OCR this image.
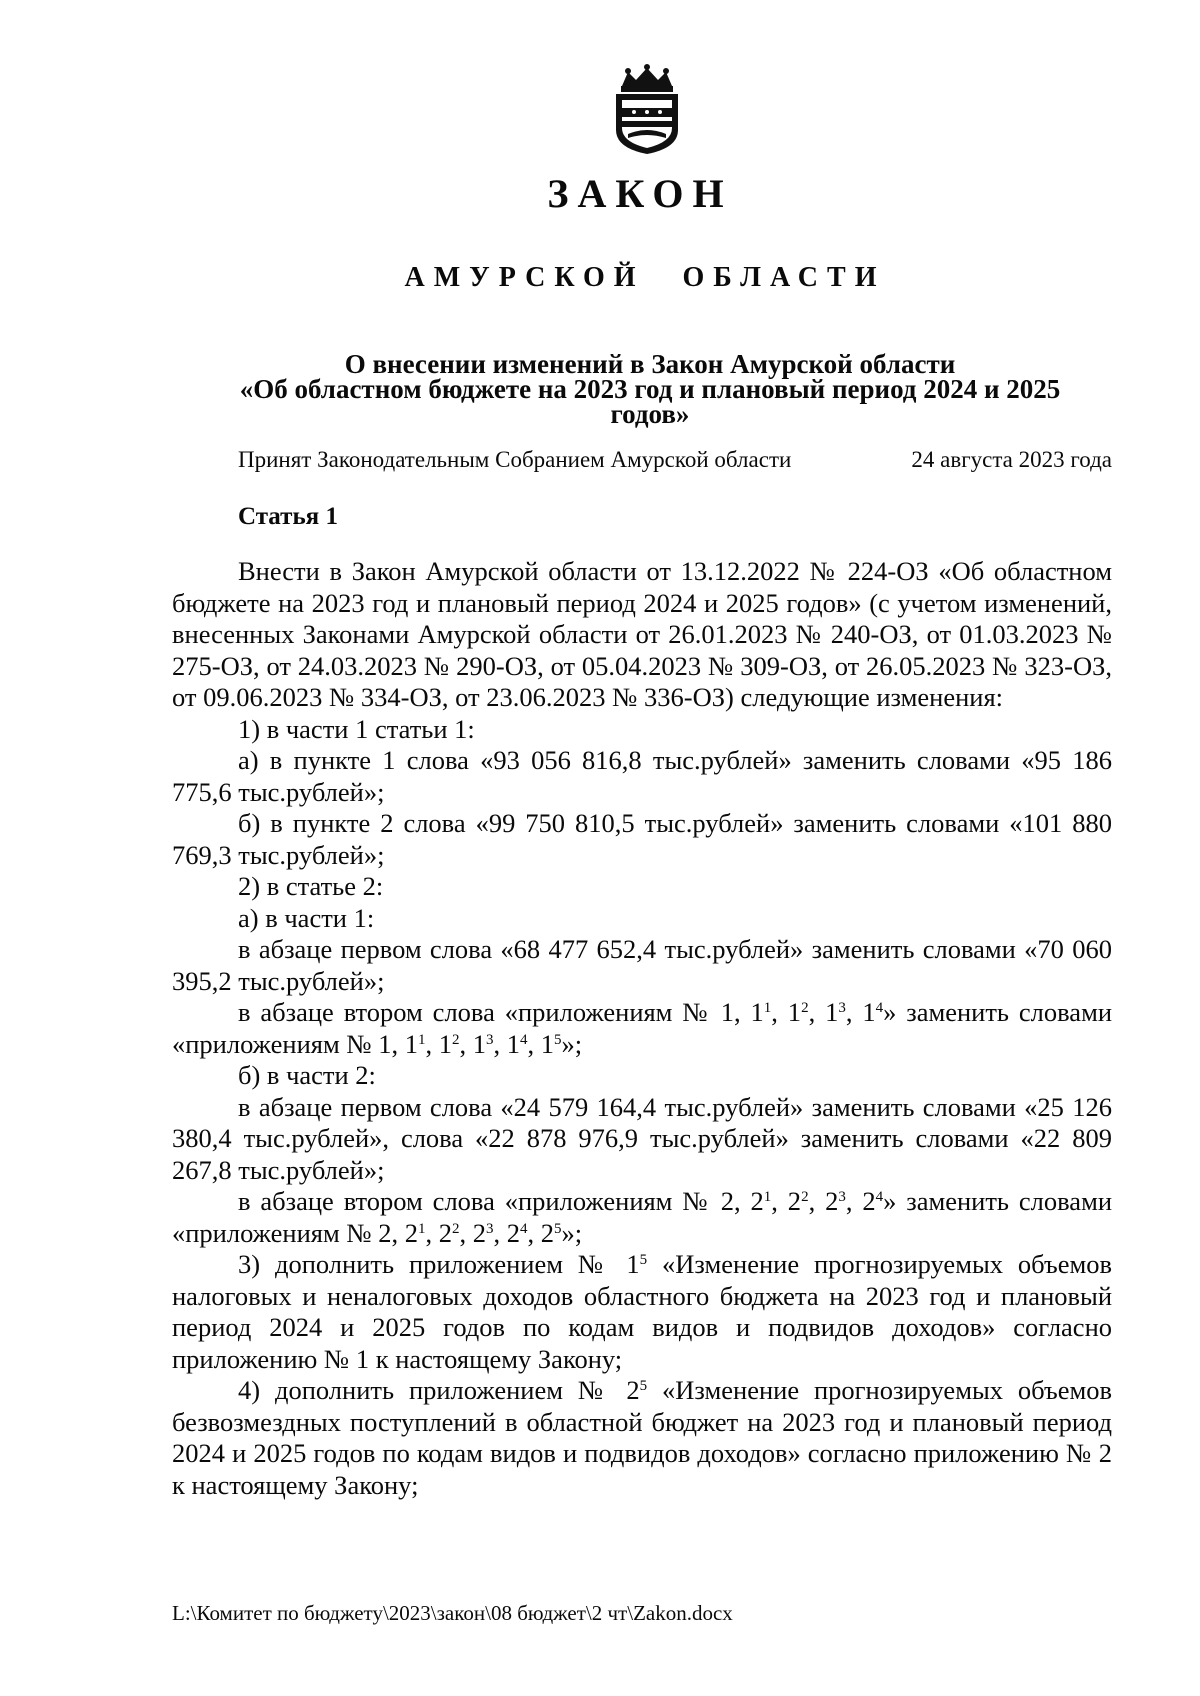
ЗАКОН
АМУРСКОЙ ОБЛАСТИ
О внесении изменений в Закон Амурской области
«Об областном бюджете на 2023 год и плановый период 2024 и 2025
годов»
Принят Законодательным Собранием Амурской области	24 августа 2023 года
Статья 1

Внести в Закон Амурской области от 13.12.2022 № 224-ОЗ «Об областном бюджете на 2023 год и плановый период 2024 и 2025 годов» (с учетом изменений, внесенных Законами Амурской области от 26.01.2023 № 240-ОЗ, от 01.03.2023 № 275-ОЗ, от 24.03.2023 № 290-ОЗ, от 05.04.2023 № 309-ОЗ, от 26.05.2023 № 323-ОЗ, от 09.06.2023 № 334-ОЗ, от 23.06.2023 № 336-ОЗ) следующие изменения:

1) в части 1 статьи 1:

а) в пункте 1 слова «93 056 816,8 тыс.рублей» заменить словами «95 186 775,6 тыс.рублей»;

б) в пункте 2 слова «99 750 810,5 тыс.рублей» заменить словами «101 880 769,3 тыс.рублей»;

2) в статье 2:

а) в части 1:

в абзаце первом слова «68 477 652,4 тыс.рублей» заменить словами «70 060 395,2 тыс.рублей»;

в абзаце втором слова «приложениям № 1, $1^1$, $1^2$, $1^3$, $1^4$» заменить словами «приложениям № 1, $1^1$, $1^2$, $1^3$, $1^4$, $1^5$»;

б) в части 2:

в абзаце первом слова «24 579 164,4 тыс.рублей» заменить словами «25 126 380,4 тыс.рублей», слова «22 878 976,9 тыс.рублей» заменить словами «22 809 267,8 тыс.рублей»;

в абзаце втором слова «приложениям № 2, $2^1$, $2^2$, $2^3$, $2^4$» заменить словами «приложениям № 2, $2^1$, $2^2$, $2^3$, $2^4$, $2^5$»;

3) дополнить приложением № $1^5$ «Изменение прогнозируемых объемов налоговых и неналоговых доходов областного бюджета на 2023 год и плановый период 2024 и 2025 годов по кодам видов и подвидов доходов» согласно приложению № 1 к настоящему Закону;

4) дополнить приложением № $2^5$ «Изменение прогнозируемых объемов безвозмездных поступлений в областной бюджет на 2023 год и плановый период 2024 и 2025 годов по кодам видов и подвидов доходов» согласно приложению № 2 к настоящему Закону;

L:\Комитет по бюджету\2023\закон\08 бюджет\2 чт\Zakon.docx
